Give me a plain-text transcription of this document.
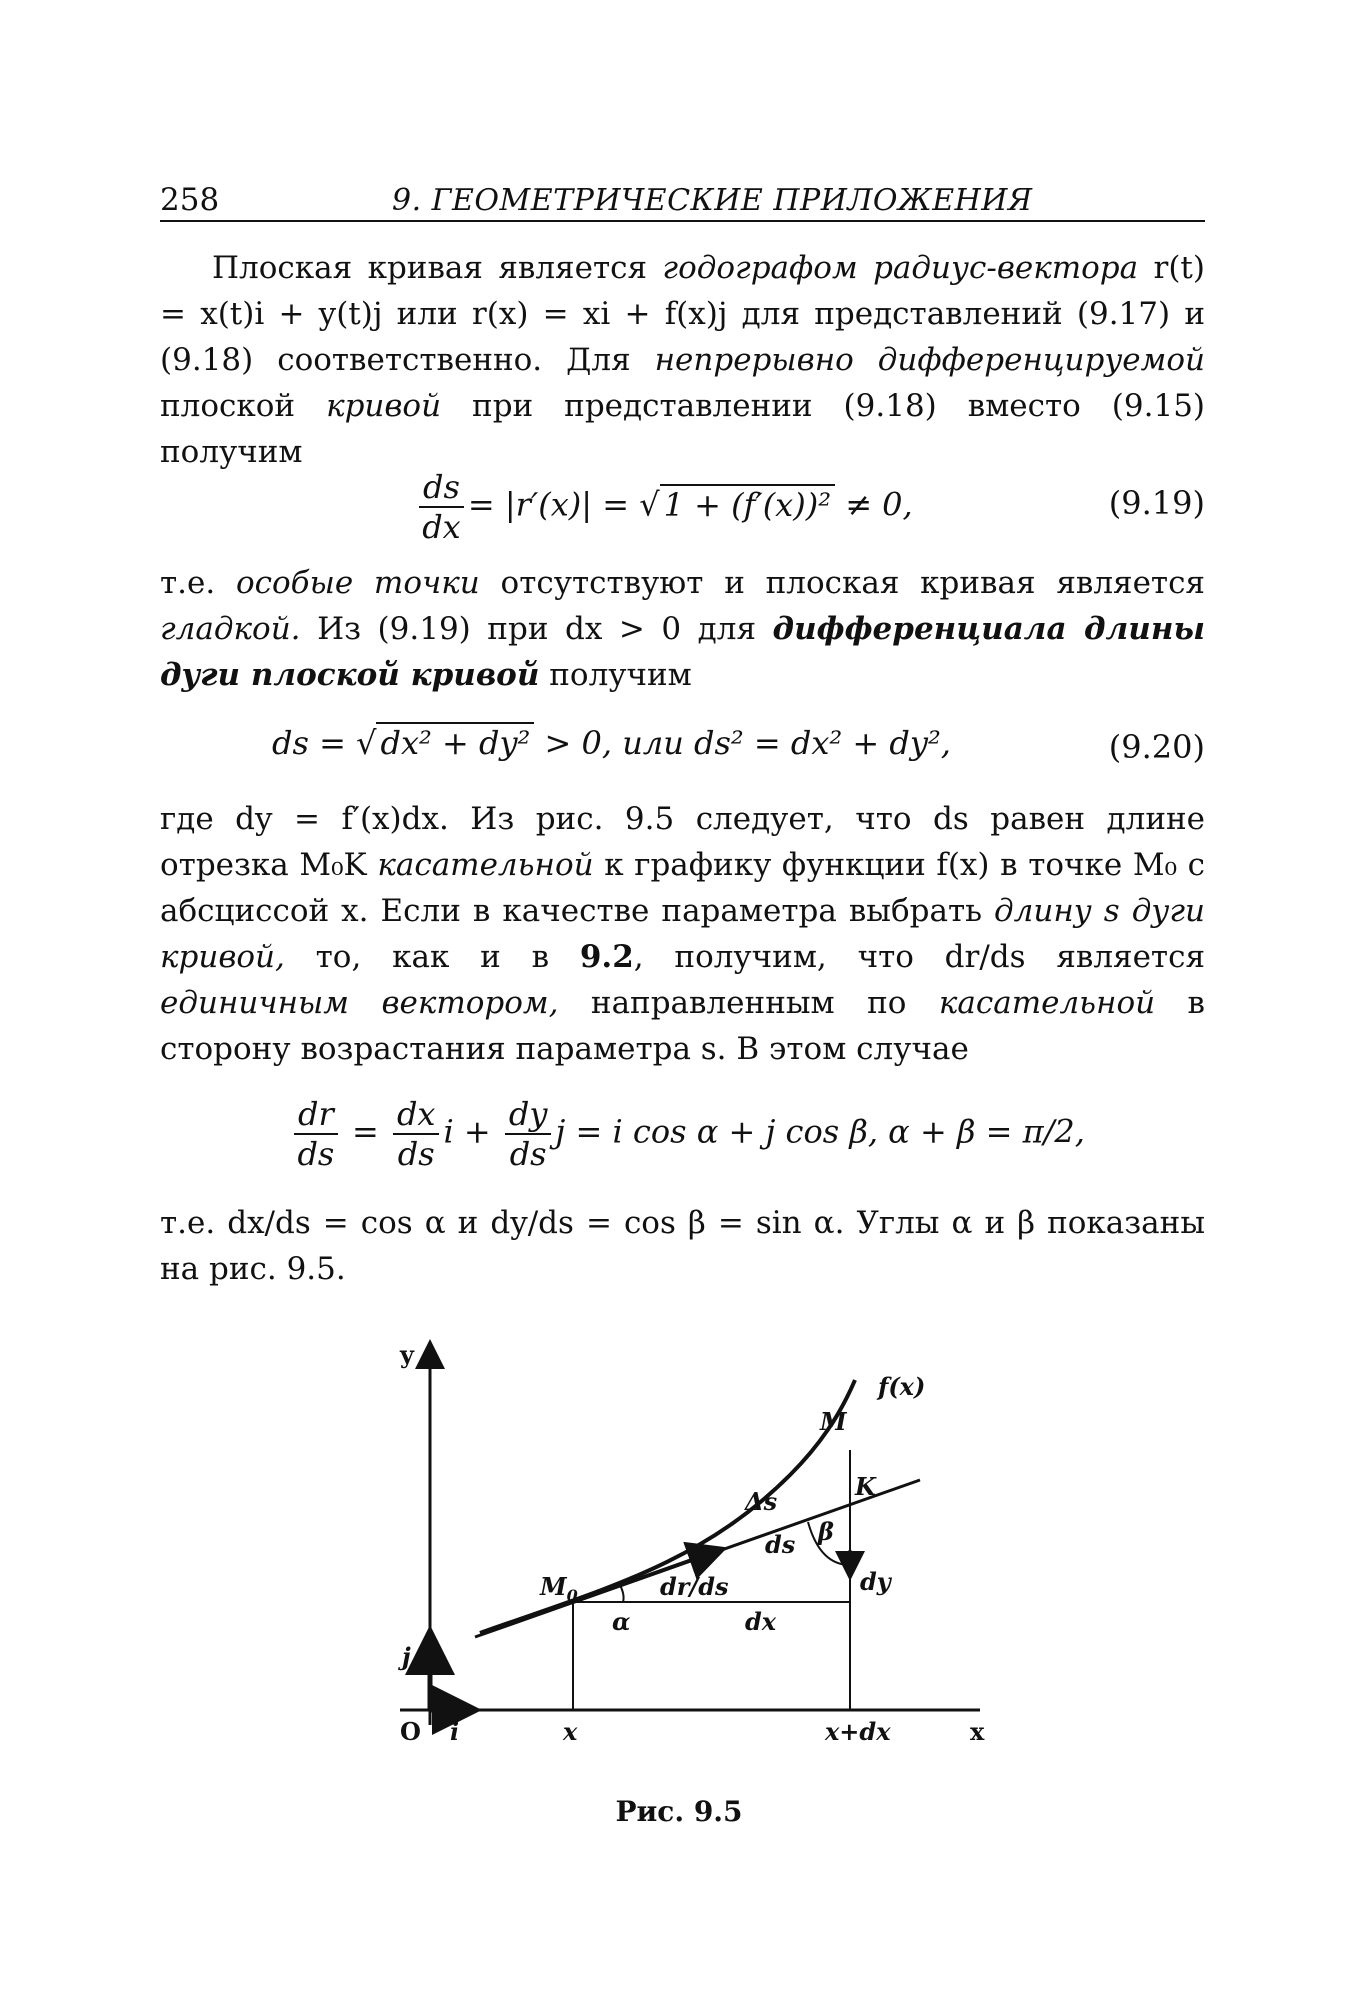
258	9. ГЕОМЕТРИЧЕСКИЕ ПРИЛОЖЕНИЯ

Плоская кривая является годографом радиус-вектора r(t) = x(t)i + y(t)j или r(x) = xi + f(x)j для представлений (9.17) и (9.18) соответственно. Для непрерывно дифференцируемой плоской кривой при представлении (9.18) вместо (9.15) получим

$\frac{ds}{dx} = |r'(x)|$ = √ 1 + (f′(x))² ≠ 0,	(9.19)

т.е. особые точки отсутствуют и плоская кривая является гладкой. Из (9.19) при dx > 0 для дифференциала длины дуги плоской кривой получим

ds = √ dx² + dy² > 0, или ds² = dx² + dy²,	(9.20)

где dy = f′(x)dx. Из рис. 9.5 следует, что ds равен длине отрезка M₀K касательной к графику функции f(x) в точке M₀ с абсциссой x. Если в качестве параметра выбрать длину s дуги кривой, то, как и в 9.2, получим, что dr/ds является единичным вектором, направленным по касательной в сторону возрастания параметра s. В этом случае

$\frac{dr}{ds} = \frac{dx}{ds}$ $i + \frac{dy}{ds}$ j = i cos α + j cos β, α + β = π/2,

т.е. dx/ds = cos α и dy/ds = cos β = sin α. Углы α и β показаны на рис. 9.5.

y
x
O i
j
x	x+dx
f(x)
M
K
Δs
$M_0$	dr/ds
ds β
α
dy
dx
Рис. 9.5
